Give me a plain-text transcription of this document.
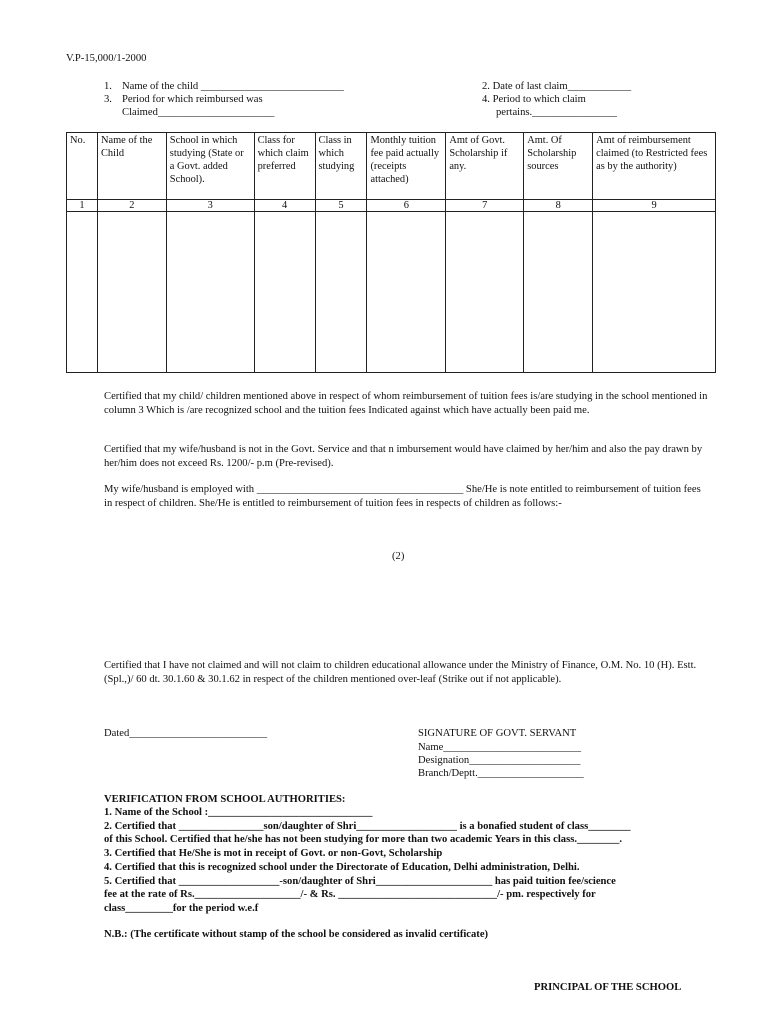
V.P-15,000/1-2000
1. Name of the child ___________________________
3. Period for which reimbursed was
Claimed______________________
2. Date of last claim____________
4. Period to which claim
pertains.________________
No.	Name of the Child	School in which studying (State or a Govt. added School).	Class for which claim preferred	Class in which studying	Monthly tuition fee paid actually (receipts attached)	Amt of Govt. Scholarship if any.	Amt. Of Scholarship sources	Amt of reimbursement claimed (to Restricted fees as by the authority)
1	2	3	4	5	6	7	8	9

Certified that my child/ children mentioned above in respect of whom reimbursement of tuition fees is/are studying in the school mentioned in column 3 Which is /are recognized school and the tuition fees Indicated against which have actually been paid me.
Certified that my wife/husband is not in the Govt. Service and that n imbursement would have claimed by her/him and also the pay drawn by her/him does not exceed Rs. 1200/- p.m (Pre-revised).
My wife/husband is employed with _______________________________________ She/He is note entitled to reimbursement of tuition fees in respect of children. She/He is entitled to reimbursement of tuition fees in respects of children as follows:-
(2)
Certified that I have not claimed and will not claim to children educational allowance under the Ministry of Finance, O.M. No. 10 (H). Estt. (Spl.,)/ 60 dt. 30.1.60 & 30.1.62 in respect of the children mentioned over-leaf (Strike out if not applicable).
Dated__________________________	SIGNATURE OF GOVT. SERVANT
Name__________________________
Designation_____________________
Branch/Deptt.____________________
VERIFICATION FROM SCHOOL AUTHORITIES:
1. Name of the School :_______________________________
2. Certified that ________________son/daughter of Shri___________________ is a bonafied student of class________
of this School. Certified that he/she has not been studying for more than two academic Years in this class.________.
3. Certified that He/She is mot in receipt of Govt. or non-Govt, Scholarship
4. Certified that this is recognized school under the Directorate of Education, Delhi administration, Delhi.
5. Certified that ___________________-son/daughter of Shri______________________ has paid tuition fee/science
fee at the rate of Rs.____________________/- & Rs. ______________________________/- pm. respectively for
class_________for the period w.e.f
N.B.: (The certificate without stamp of the school be considered as invalid certificate)
PRINCIPAL OF THE SCHOOL
